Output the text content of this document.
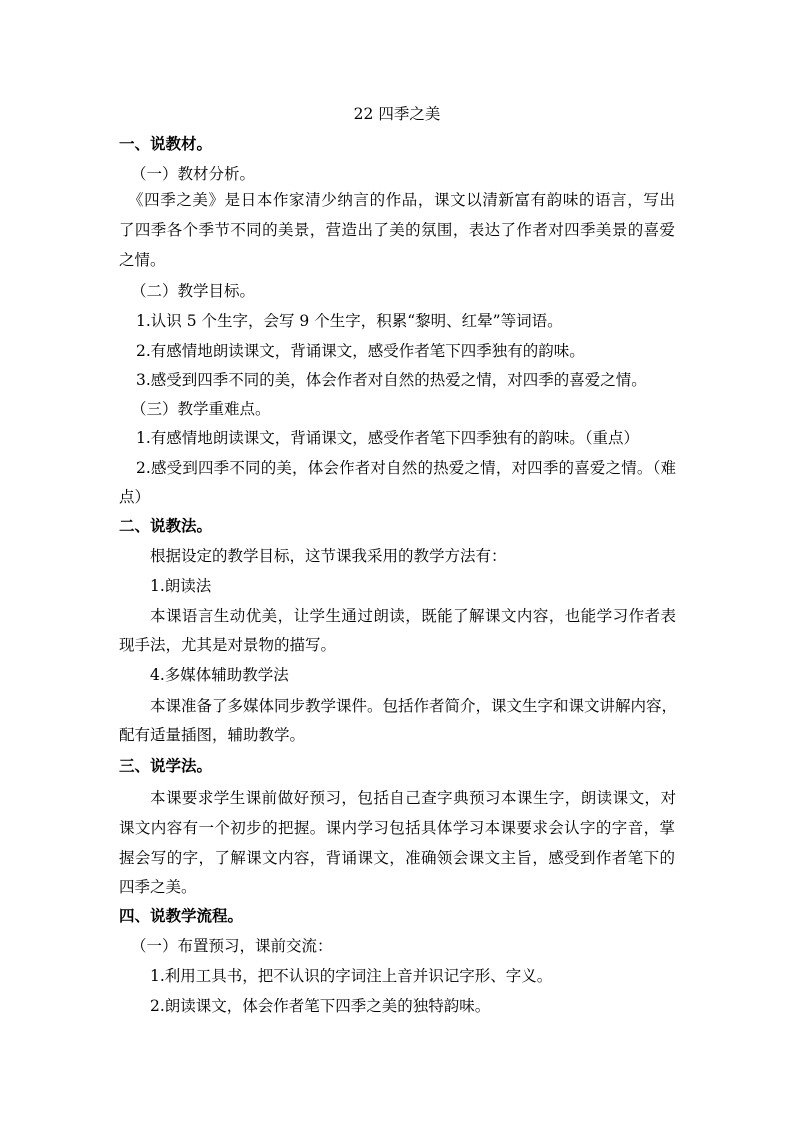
22 四季之美
一、说教材。
（一）教材分析。
《四季之美》是日本作家清少纳言的作品，课文以清新富有韵味的语言，写出
了四季各个季节不同的美景，营造出了美的氛围，表达了作者对四季美景的喜爱
之情。
（二）教学目标。
1.认识 5 个生字，会写 9 个生字，积累“黎明、红晕”等词语。
2.有感情地朗读课文，背诵课文，感受作者笔下四季独有的韵味。
3.感受到四季不同的美，体会作者对自然的热爱之情，对四季的喜爱之情。
（三）教学重难点。
1.有感情地朗读课文，背诵课文，感受作者笔下四季独有的韵味。（重点）
2.感受到四季不同的美，体会作者对自然的热爱之情，对四季的喜爱之情。（难
点）
二、说教法。
根据设定的教学目标，这节课我采用的教学方法有：
1.朗读法
本课语言生动优美，让学生通过朗读，既能了解课文内容，也能学习作者表
现手法，尤其是对景物的描写。
4.多媒体辅助教学法
本课准备了多媒体同步教学课件。包括作者简介，课文生字和课文讲解内容，
配有适量插图，辅助教学。
三、说学法。
本课要求学生课前做好预习，包括自己查字典预习本课生字，朗读课文，对
课文内容有一个初步的把握。课内学习包括具体学习本课要求会认字的字音，掌
握会写的字，了解课文内容，背诵课文，准确领会课文主旨，感受到作者笔下的
四季之美。
四、说教学流程。
（一）布置预习，课前交流：
1.利用工具书，把不认识的字词注上音并识记字形、字义。
2.朗读课文，体会作者笔下四季之美的独特韵味。
